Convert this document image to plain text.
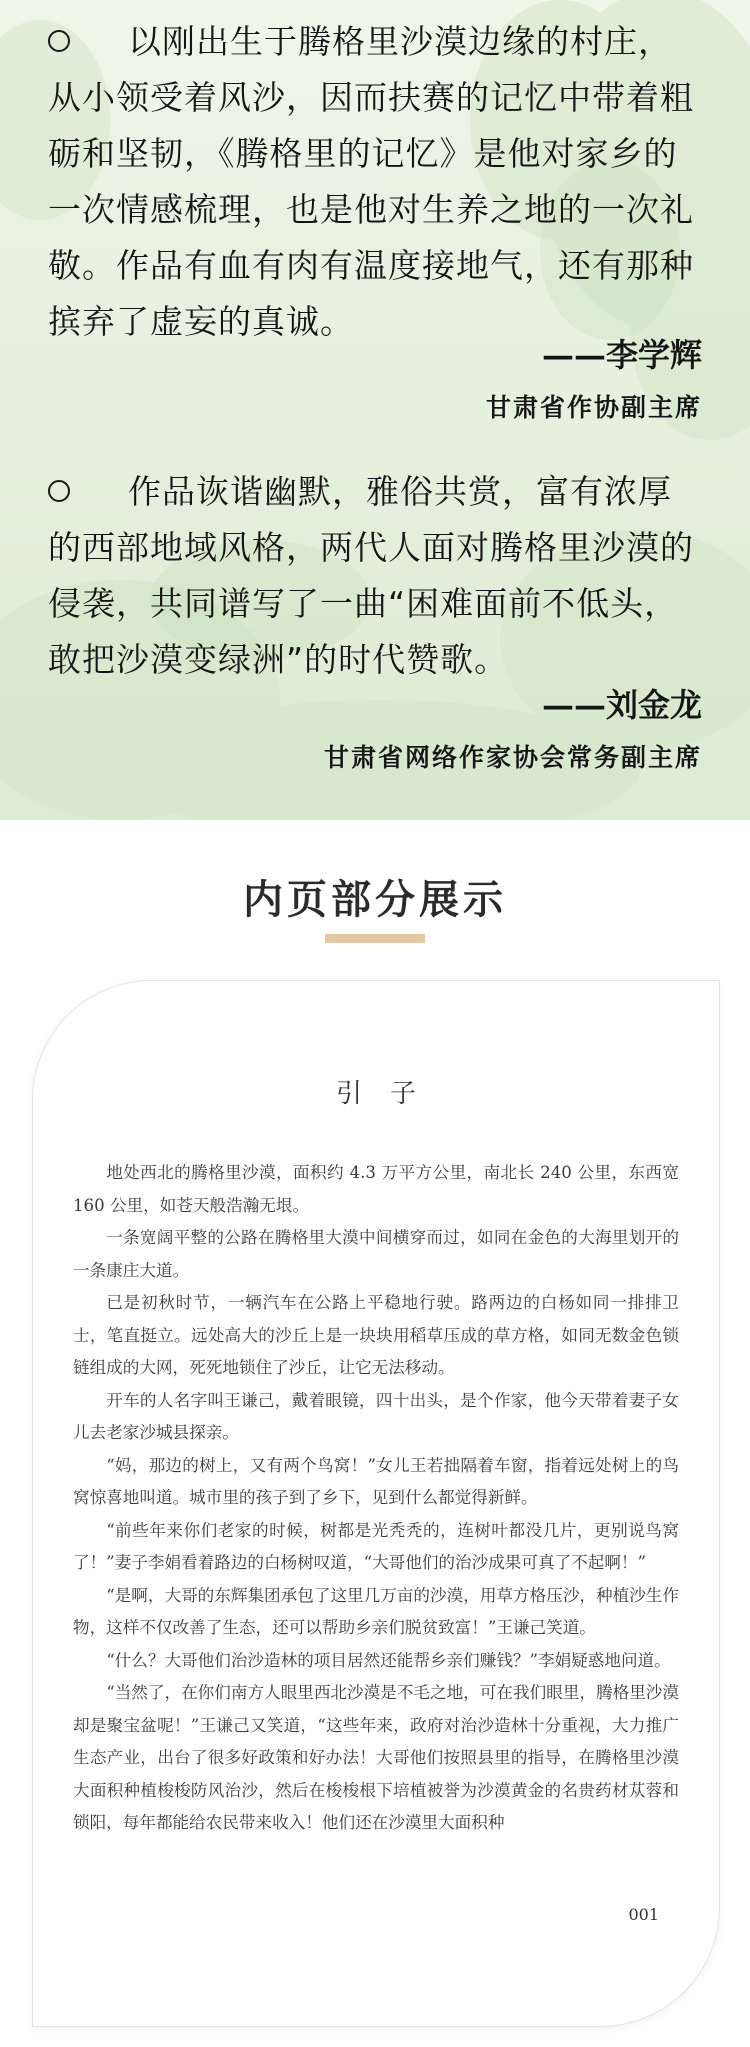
以刚出生于腾格里沙漠边缘的村庄，从小领受着风沙，因而扶赛的记忆中带着粗砺和坚韧，《腾格里的记忆》是他对家乡的一次情感梳理，也是他对生养之地的一次礼敬。作品有血有肉有温度接地气，还有那种摈弃了虚妄的真诚。

——李学辉
甘肃省作协副主席

作品诙谐幽默，雅俗共赏，富有浓厚的西部地域风格，两代人面对腾格里沙漠的侵袭，共同谱写了一曲“困难面前不低头，敢把沙漠变绿洲”的时代赞歌。

——刘金龙
甘肃省网络作家协会常务副主席
内页部分展示
引子

地处西北的腾格里沙漠，面积约 4.3 万平方公里，南北长 240 公里，东西宽 160 公里，如苍天般浩瀚无垠。

一条宽阔平整的公路在腾格里大漠中间横穿而过，如同在金色的大海里划开的一条康庄大道。

已是初秋时节，一辆汽车在公路上平稳地行驶。路两边的白杨如同一排排卫士，笔直挺立。远处高大的沙丘上是一块块用稻草压成的草方格，如同无数金色锁链组成的大网，死死地锁住了沙丘，让它无法移动。

开车的人名字叫王谦己，戴着眼镜，四十出头，是个作家，他今天带着妻子女儿去老家沙城县探亲。

“妈，那边的树上，又有两个鸟窝！”女儿王若拙隔着车窗，指着远处树上的鸟窝惊喜地叫道。城市里的孩子到了乡下，见到什么都觉得新鲜。

“前些年来你们老家的时候，树都是光秃秃的，连树叶都没几片，更别说鸟窝了！”妻子李娟看着路边的白杨树叹道，“大哥他们的治沙成果可真了不起啊！”

“是啊，大哥的东辉集团承包了这里几万亩的沙漠，用草方格压沙，种植沙生作物，这样不仅改善了生态，还可以帮助乡亲们脱贫致富！”王谦己笑道。

“什么？大哥他们治沙造林的项目居然还能帮乡亲们赚钱？”李娟疑惑地问道。

“当然了，在你们南方人眼里西北沙漠是不毛之地，可在我们眼里，腾格里沙漠却是聚宝盆呢！”王谦己又笑道，“这些年来，政府对治沙造林十分重视，大力推广生态产业，出台了很多好政策和好办法！大哥他们按照县里的指导，在腾格里沙漠大面积种植梭梭防风治沙，然后在梭梭根下培植被誉为沙漠黄金的名贵药材苁蓉和锁阳，每年都能给农民带来收入！他们还在沙漠里大面积种

001
